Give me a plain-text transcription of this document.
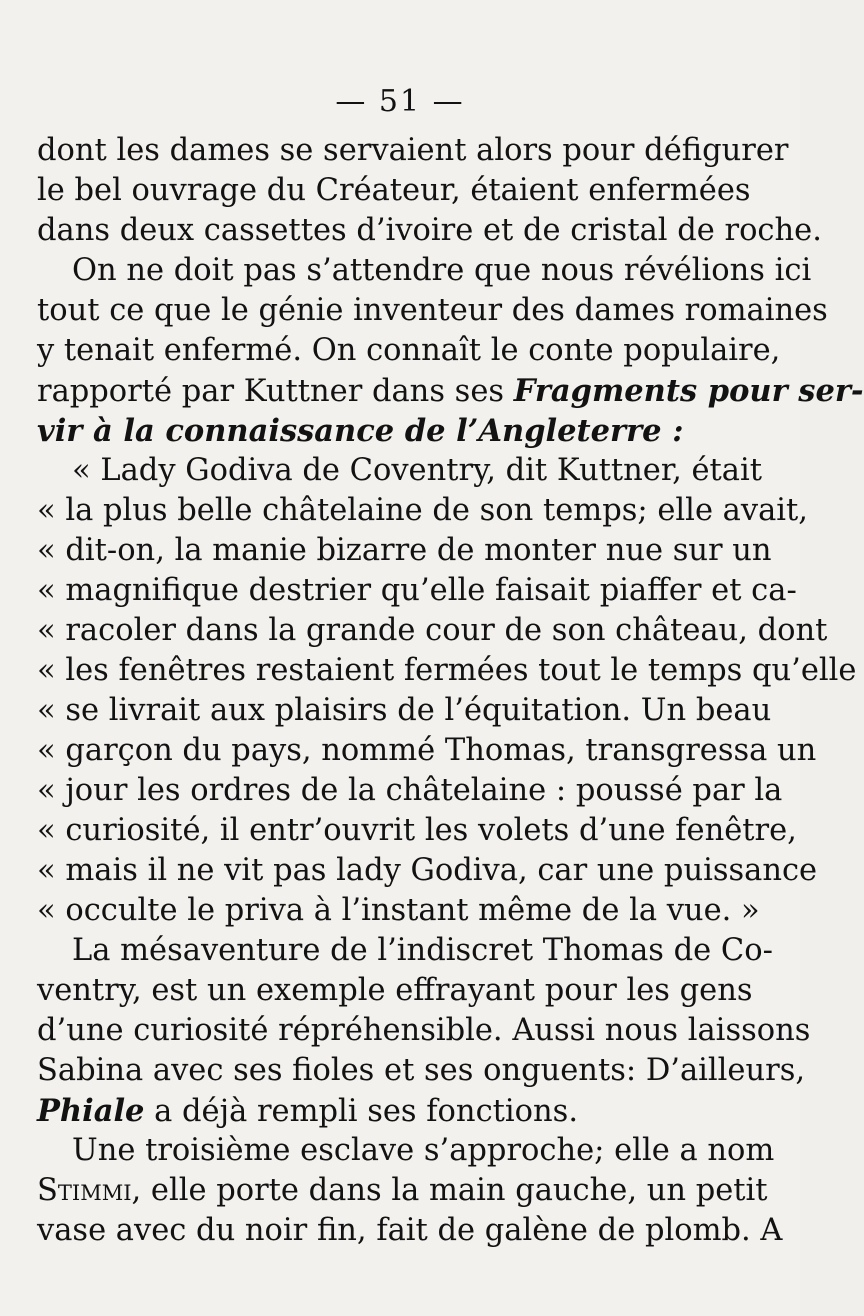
— 51 —
dont les dames se servaient alors pour défigurer
le bel ouvrage du Créateur, étaient enfermées
dans deux cassettes d’ivoire et de cristal de roche.
On ne doit pas s’attendre que nous révélions ici
tout ce que le génie inventeur des dames romaines
y tenait enfermé. On connaît le conte populaire,
rapporté par Kuttner dans ses Fragments pour ser-
vir à la connaissance de l’Angleterre :
« Lady Godiva de Coventry, dit Kuttner, était
« la plus belle châtelaine de son temps; elle avait,
« dit-on, la manie bizarre de monter nue sur un
« magnifique destrier qu’elle faisait piaffer et ca-
« racoler dans la grande cour de son château, dont
« les fenêtres restaient fermées tout le temps qu’elle
« se livrait aux plaisirs de l’équitation. Un beau
« garçon du pays, nommé Thomas, transgressa un
« jour les ordres de la châtelaine : poussé par la
« curiosité, il entr’ouvrit les volets d’une fenêtre,
« mais il ne vit pas lady Godiva, car une puissance
« occulte le priva à l’instant même de la vue. »
La mésaventure de l’indiscret Thomas de Co-
ventry, est un exemple effrayant pour les gens
d’une curiosité répréhensible. Aussi nous laissons
Sabina avec ses fioles et ses onguents: D’ailleurs,
Phiale a déjà rempli ses fonctions.
Une troisième esclave s’approche; elle a nom
Stimmi, elle porte dans la main gauche, un petit
vase avec du noir fin, fait de galène de plomb. A
